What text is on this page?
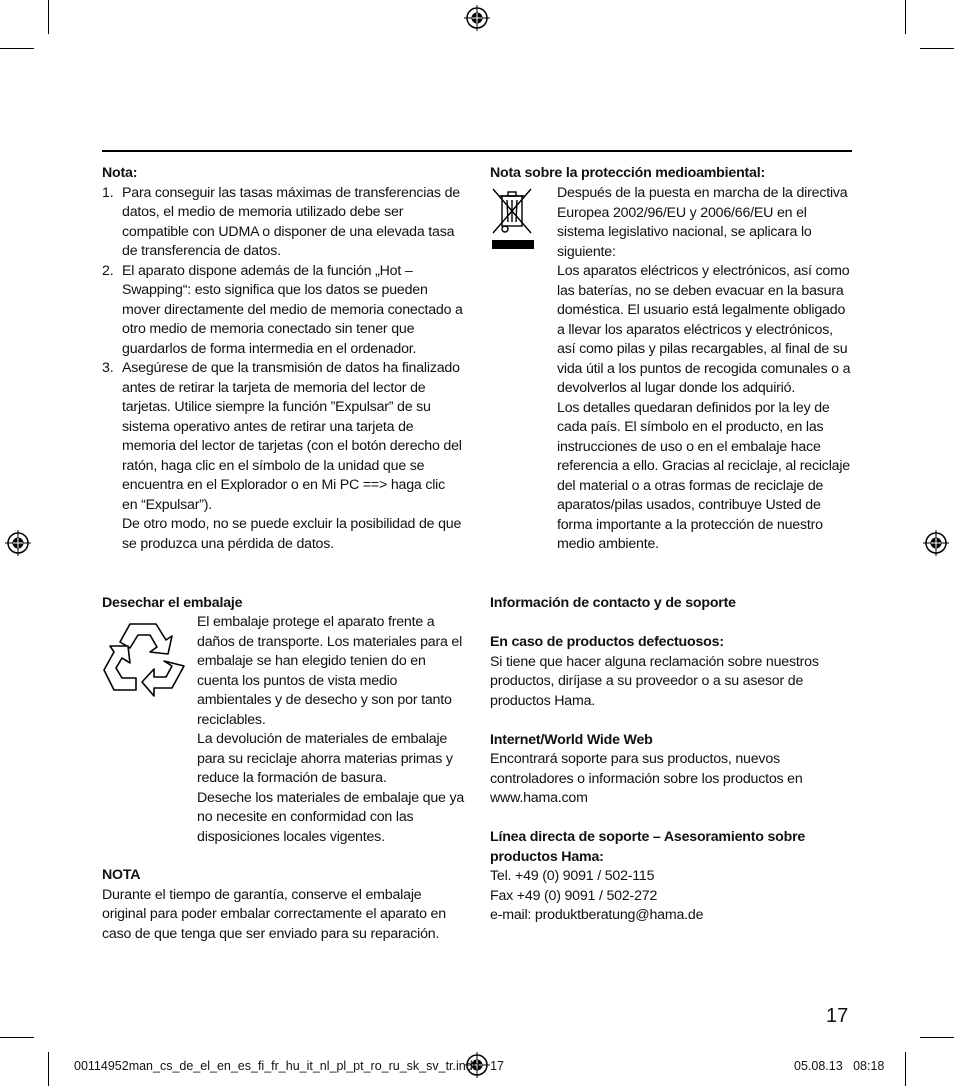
Nota:
1. Para conseguir las tasas máximas de transferencias de datos, el medio de memoria utilizado debe ser compatible con UDMA o disponer de una elevada tasa de transferencia de datos.
2. El aparato dispone además de la función „Hot – Swapping“: esto significa que los datos se pueden mover directamente del medio de memoria conectado a otro medio de memoria conectado sin tener que guardarlos de forma intermedia en el ordenador.
3. Asegúrese de que la transmisión de datos ha finalizado antes de retirar la tarjeta de memoria del lector de tarjetas. Utilice siempre la función ”Expulsar” de su sistema operativo antes de retirar una tarjeta de memoria del lector de tarjetas (con el botón derecho del ratón, haga clic en el símbolo de la unidad que se encuentra en el Explorador o en Mi PC ==> haga clic en “Expulsar”).
De otro modo, no se puede excluir la posibilidad de que se produzca una pérdida de datos.
Desechar el embalaje
El embalaje protege el aparato frente a daños de transporte. Los materiales para el embalaje se han elegido tenien do en cuenta los puntos de vista medio ambientales y de desecho y son por tanto reciclables.
La devolución de materiales de embalaje para su reciclaje ahorra materias primas y reduce la formación de basura.
Deseche los materiales de embalaje que ya no necesite en conformidad con las disposiciones locales vigentes.
NOTA
Durante el tiempo de garantía, conserve el embalaje original para poder embalar correctamente el aparato en caso de que tenga que ser enviado para su reparación.
Nota sobre la protección medioambiental:
Después de la puesta en marcha de la directiva Europea 2002/96/EU y 2006/66/EU en el sistema legislativo nacional, se aplicara lo siguiente:
Los aparatos eléctricos y electrónicos, así como las baterías, no se deben evacuar en la basura doméstica. El usuario está legalmente obligado a llevar los aparatos eléctricos y electrónicos, así como pilas y pilas recargables, al final de su vida útil a los puntos de recogida comunales o a devolverlos al lugar donde los adquirió.
Los detalles quedaran definidos por la ley de cada país. El símbolo en el producto, en las instrucciones de uso o en el embalaje hace referencia a ello. Gracias al reciclaje, al reciclaje del material o a otras formas de reciclaje de aparatos/pilas usados, contribuye Usted de forma importante a la protección de nuestro medio ambiente.
Información de contacto y de soporte
En caso de productos defectuosos:
Si tiene que hacer alguna reclamación sobre nuestros productos, diríjase a su proveedor o a su asesor de productos Hama.
Internet/World Wide Web
Encontrará soporte para sus productos, nuevos controladores o información sobre los productos en www.hama.com
Línea directa de soporte – Asesoramiento sobre productos Hama:
Tel. +49 (0) 9091 / 502-115
Fax +49 (0) 9091 / 502-272
e-mail: produktberatung@hama.de
17
00114952man_cs_de_el_en_es_fi_fr_hu_it_nl_pl_pt_ro_ru_sk_sv_tr.indd 17	05.08.13 08:18
